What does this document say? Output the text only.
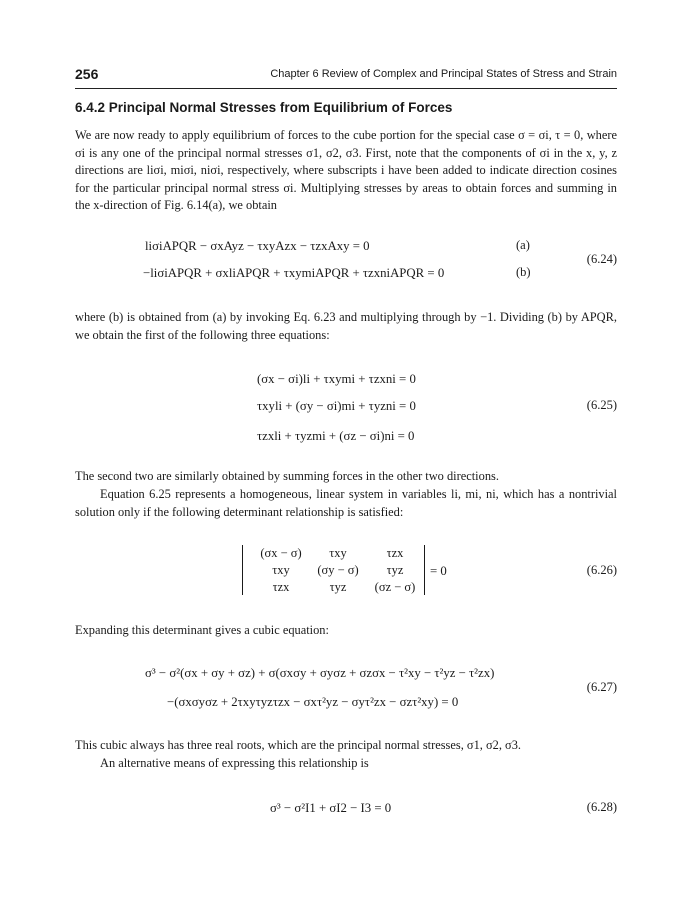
256	Chapter 6 Review of Complex and Principal States of Stress and Strain
6.4.2 Principal Normal Stresses from Equilibrium of Forces

We are now ready to apply equilibrium of forces to the cube portion for the special case σ = σi, τ = 0, where σi is any one of the principal normal stresses σ1, σ2, σ3. First, note that the components of σi in the x, y, z directions are liσi, miσi, niσi, respectively, where subscripts i have been added to indicate direction cosines for the particular principal normal stress σi. Multiplying stresses by areas to obtain forces and summing in the x-direction of Fig. 6.14(a), we obtain

liσiAPQR − σxAyz − τxyAzx − τzxAxy = 0	(a)
−liσiAPQR + σxliAPQR + τxymiAPQR + τzxniAPQR = 0	(b)
(6.24)

where (b) is obtained from (a) by invoking Eq. 6.23 and multiplying through by −1. Dividing (b) by APQR, we obtain the first of the following three equations:

(σx − σi)li + τxymi + τzxni = 0
τxyli + (σy − σi)mi + τyzni = 0
τzxli + τyzmi + (σz − σi)ni = 0
(6.25)

The second two are similarly obtained by summing forces in the other two directions.

Equation 6.25 represents a homogeneous, linear system in variables li, mi, ni, which has a nontrivial solution only if the following determinant relationship is satisfied:

(σx − σ)	τxy	τzx
τxy	(σy − σ)	τyz
τzx	τyz	(σz − σ)
= 0	(6.26)

Expanding this determinant gives a cubic equation:

σ³ − σ²(σx + σy + σz) + σ(σxσy + σyσz + σzσx − τ²xy − τ²yz − τ²zx)
−(σxσyσz + 2τxyτyzτzx − σxτ²yz − σyτ²zx − σzτ²xy) = 0
(6.27)

This cubic always has three real roots, which are the principal normal stresses, σ1, σ2, σ3.

An alternative means of expressing this relationship is

σ³ − σ²I1 + σI2 − I3 = 0	(6.28)
